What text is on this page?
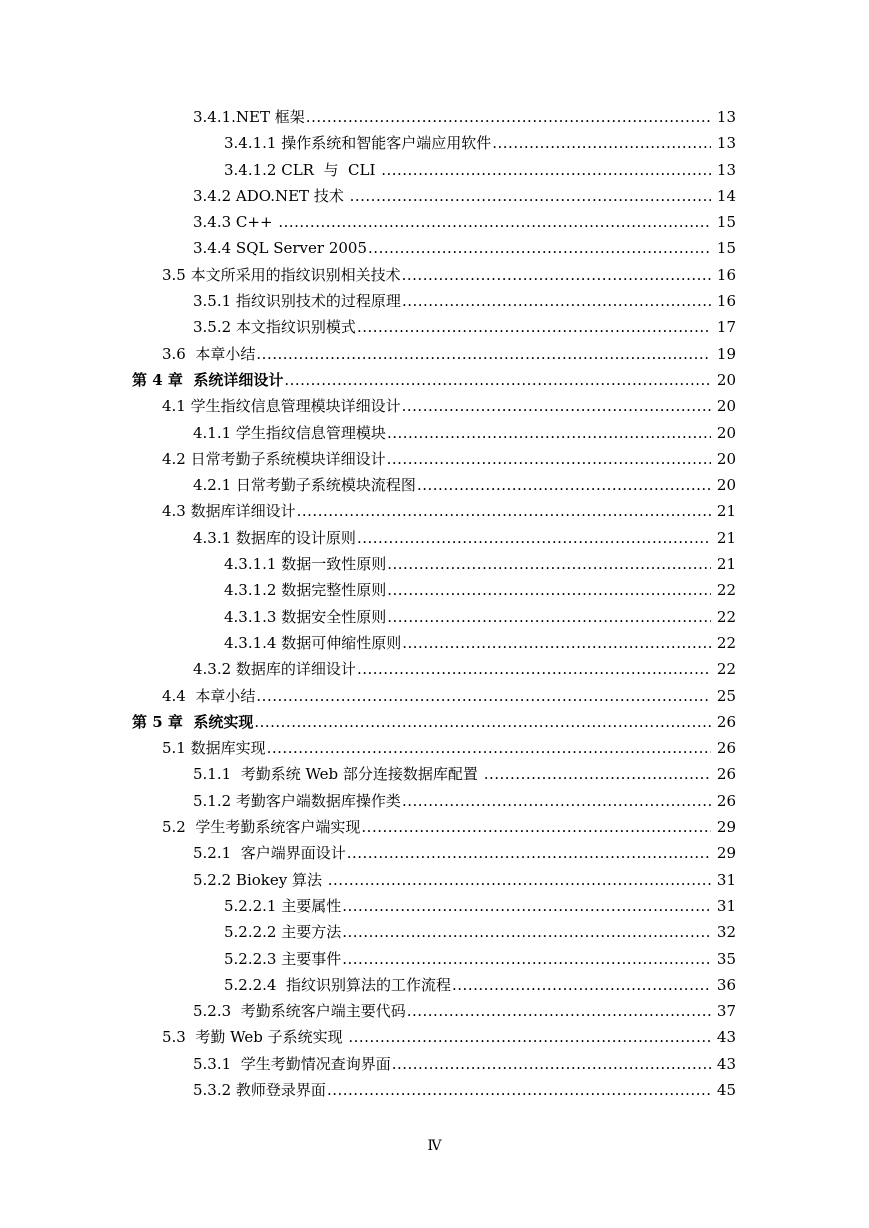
3.4.1.NET 框架 .....	13
3.4.1.1 操作系统和智能客户端应用软件 .....	13
3.4.1.2 CLR  与  CLI .....	13
3.4.2 ADO.NET 技术 .....	14
3.4.3 C++ .....	15
3.4.4 SQL Server 2005 .....	15
3.5 本文所采用的指纹识别相关技术 .....	16
3.5.1 指纹识别技术的过程原理 .....	16
3.5.2 本文指纹识别模式 .....	17
3.6  本章小结 .....	19
第 4 章  系统详细设计 .....	20
4.1 学生指纹信息管理模块详细设计 .....	20
4.1.1 学生指纹信息管理模块 .....	20
4.2 日常考勤子系统模块详细设计 .....	20
4.2.1 日常考勤子系统模块流程图 .....	20
4.3 数据库详细设计 .....	21
4.3.1 数据库的设计原则 .....	21
4.3.1.1 数据一致性原则 .....	21
4.3.1.2 数据完整性原则 .....	22
4.3.1.3 数据安全性原则 .....	22
4.3.1.4 数据可伸缩性原则 .....	22
4.3.2 数据库的详细设计 .....	22
4.4  本章小结 .....	25
第 5 章  系统实现 .....	26
5.1 数据库实现 .....	26
5.1.1  考勤系统 Web 部分连接数据库配置 .....	26
5.1.2 考勤客户端数据库操作类 .....	26
5.2  学生考勤系统客户端实现 .....	29
5.2.1  客户端界面设计 .....	29
5.2.2 Biokey 算法 .....	31
5.2.2.1 主要属性 .....	31
5.2.2.2 主要方法 .....	32
5.2.2.3 主要事件 .....	35
5.2.2.4  指纹识别算法的工作流程 .....	36
5.2.3  考勤系统客户端主要代码 .....	37
5.3  考勤 Web 子系统实现 .....	43
5.3.1  学生考勤情况查询界面 .....	43
5.3.2 教师登录界面 .....	45
Ⅳ
